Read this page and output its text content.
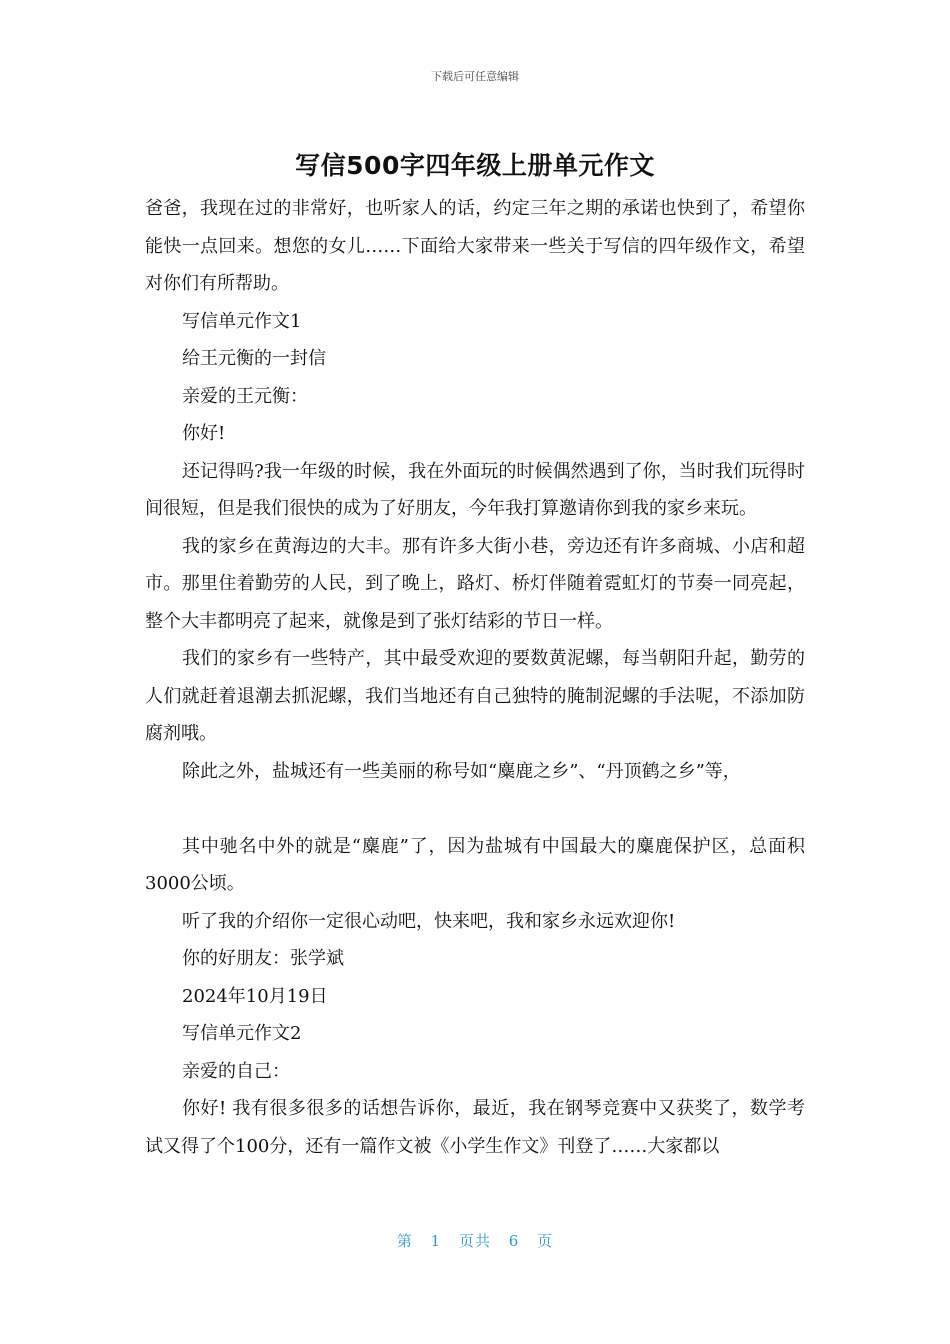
下载后可任意编辑
写信500字四年级上册单元作文

爸爸，我现在过的非常好，也听家人的话，约定三年之期的承诺也快到了，希望你能快一点回来。想您的女儿……下面给大家带来一些关于写信的四年级作文，希望对你们有所帮助。

写信单元作文1

给王元衡的一封信

亲爱的王元衡：

你好!

还记得吗?我一年级的时候，我在外面玩的时候偶然遇到了你，当时我们玩得时间很短，但是我们很快的成为了好朋友，今年我打算邀请你到我的家乡来玩。

我的家乡在黄海边的大丰。那有许多大街小巷，旁边还有许多商城、小店和超市。那里住着勤劳的人民，到了晚上，路灯、桥灯伴随着霓虹灯的节奏一同亮起，整个大丰都明亮了起来，就像是到了张灯结彩的节日一样。

我们的家乡有一些特产，其中最受欢迎的要数黄泥螺，每当朝阳升起，勤劳的人们就赶着退潮去抓泥螺，我们当地还有自己独特的腌制泥螺的手法呢，不添加防腐剂哦。

除此之外，盐城还有一些美丽的称号如“麋鹿之乡”、“丹顶鹤之乡”等，

其中驰名中外的就是“麋鹿”了，因为盐城有中国最大的麋鹿保护区，总面积3000公顷。

听了我的介绍你一定很心动吧，快来吧，我和家乡永远欢迎你!

你的好朋友：张学斌

2024年10月19日

写信单元作文2

亲爱的自己：

你好! 我有很多很多的话想告诉你，最近，我在钢琴竞赛中又获奖了，数学考试又得了个100分，还有一篇作文被《小学生作文》刊登了……大家都以

第 1 页共 6 页
